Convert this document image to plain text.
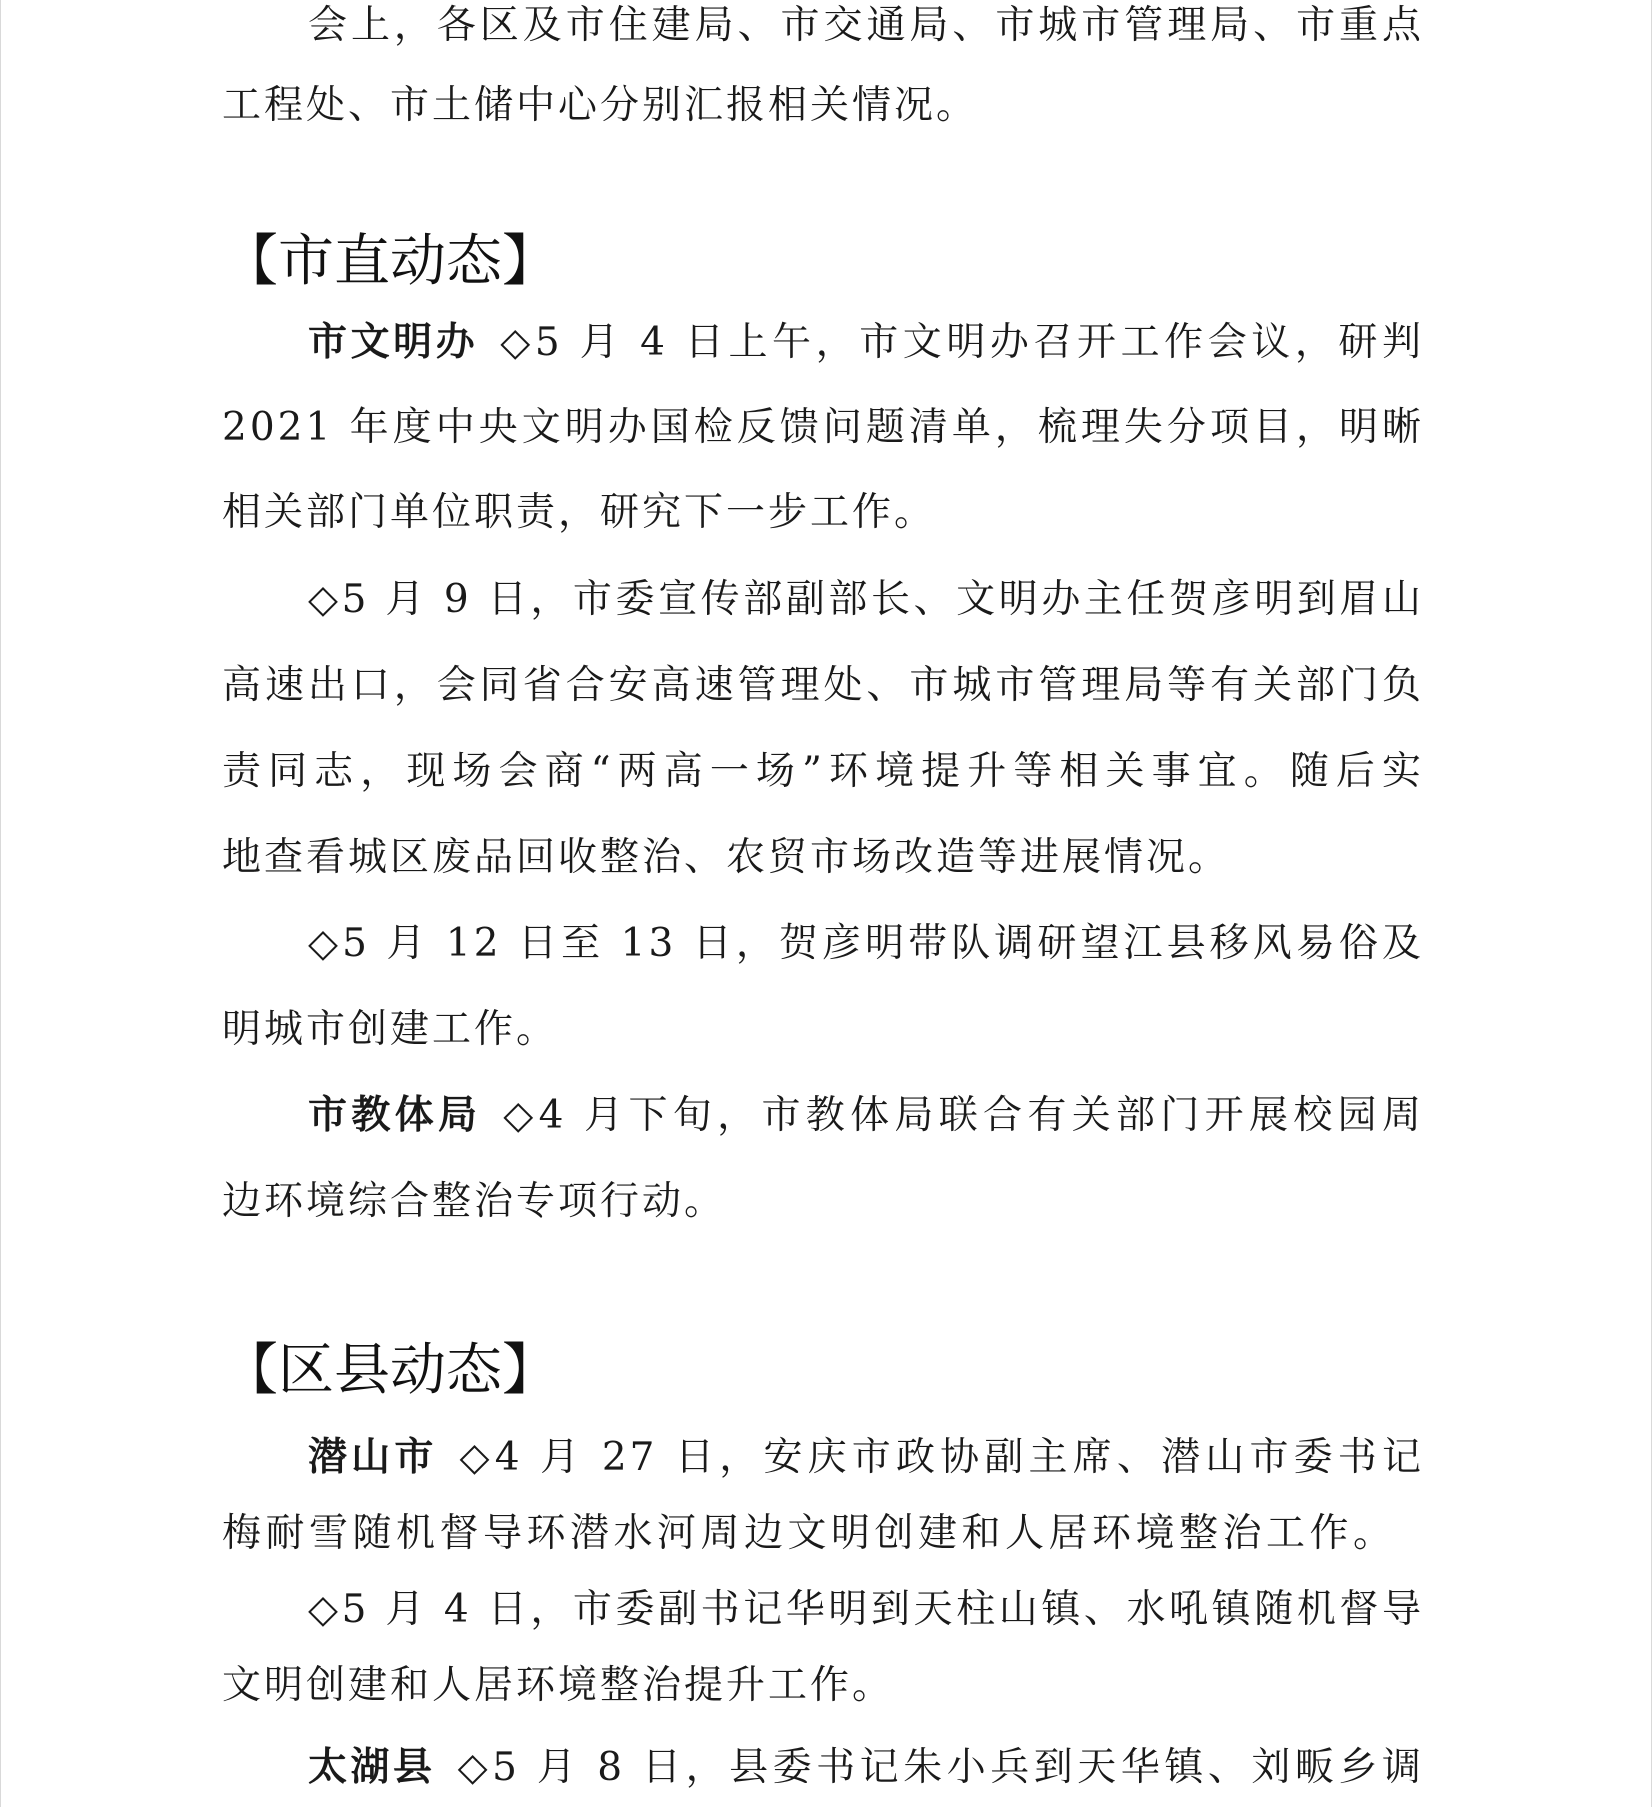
会上，各区及市住建局、市交通局、市城市管理局、市重点
工程处、市土储中心分别汇报相关情况。
【市直动态】
市文明办 ◇5 月 4 日上午，市文明办召开工作会议，研判
2021 年度中央文明办国检反馈问题清单，梳理失分项目，明晰
相关部门单位职责，研究下一步工作。
◇5 月 9 日，市委宣传部副部长、文明办主任贺彦明到眉山
高速出口，会同省合安高速管理处、市城市管理局等有关部门负
责同志，现场会商“两高一场”环境提升等相关事宜。随后实
地查看城区废品回收整治、农贸市场改造等进展情况。
◇5 月 12 日至 13 日，贺彦明带队调研望江县移风易俗及
明城市创建工作。
市教体局 ◇4 月下旬，市教体局联合有关部门开展校园周
边环境综合整治专项行动。
【区县动态】
潜山市 ◇4 月 27 日，安庆市政协副主席、潜山市委书记
梅耐雪随机督导环潜水河周边文明创建和人居环境整治工作。
◇5 月 4 日，市委副书记华明到天柱山镇、水吼镇随机督导
文明创建和人居环境整治提升工作。
太湖县 ◇5 月 8 日，县委书记朱小兵到天华镇、刘畈乡调
